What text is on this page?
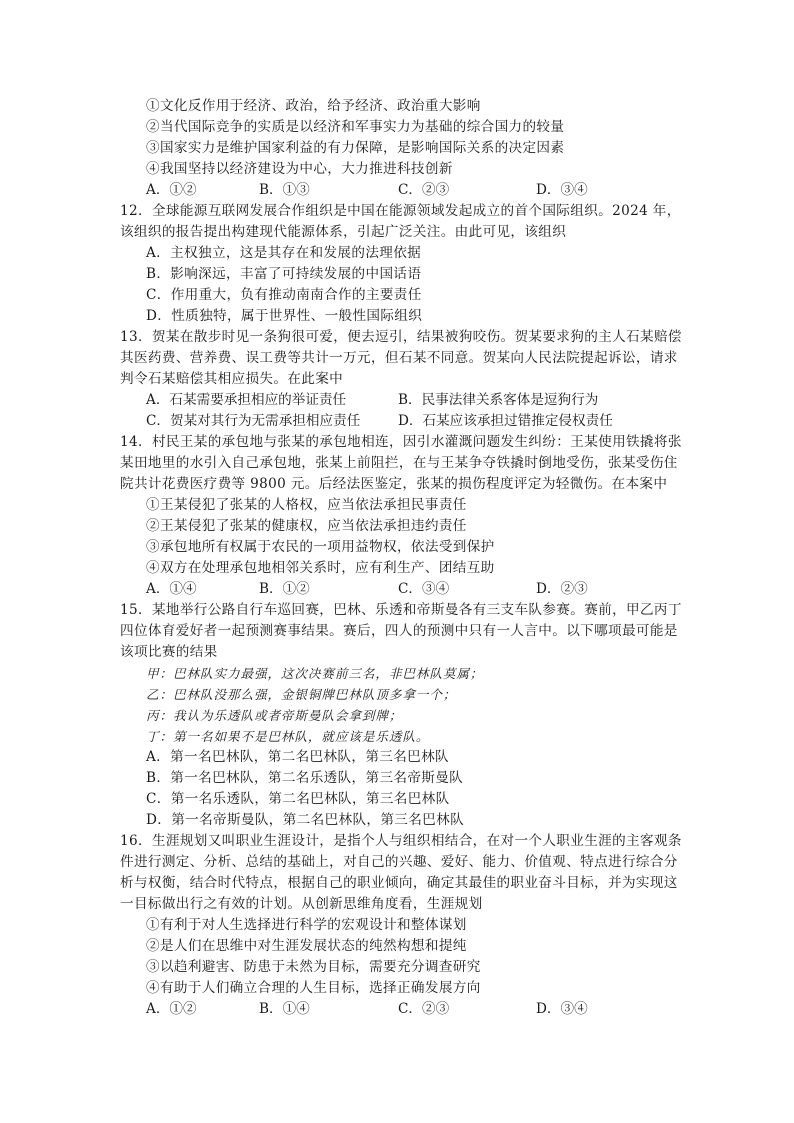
①文化反作用于经济、政治，给予经济、政治重大影响
②当代国际竞争的实质是以经济和军事实力为基础的综合国力的较量
③国家实力是维护国家利益的有力保障，是影响国际关系的决定因素
④我国坚持以经济建设为中心，大力推进科技创新
A．①②	B．①③	C．②③	D．③④
12．全球能源互联网发展合作组织是中国在能源领域发起成立的首个国际组织。2024 年，
该组织的报告提出构建现代能源体系，引起广泛关注。由此可见，该组织
A．主权独立，这是其存在和发展的法理依据
B．影响深远，丰富了可持续发展的中国话语
C．作用重大，负有推动南南合作的主要责任
D．性质独特，属于世界性、一般性国际组织
13．贺某在散步时见一条狗很可爱，便去逗引，结果被狗咬伤。贺某要求狗的主人石某赔偿
其医药费、营养费、误工费等共计一万元，但石某不同意。贺某向人民法院提起诉讼，请求
判令石某赔偿其相应损失。在此案中
A．石某需要承担相应的举证责任	B．民事法律关系客体是逗狗行为
C．贺某对其行为无需承担相应责任	D．石某应该承担过错推定侵权责任
14．村民王某的承包地与张某的承包地相连，因引水灌溉问题发生纠纷：王某使用铁撬将张
某田地里的水引入自己承包地，张某上前阻拦，在与王某争夺铁撬时倒地受伤，张某受伤住
院共计花费医疗费等 9800 元。后经法医鉴定，张某的损伤程度评定为轻微伤。在本案中
①王某侵犯了张某的人格权，应当依法承担民事责任
②王某侵犯了张某的健康权，应当依法承担违约责任
③承包地所有权属于农民的一项用益物权，依法受到保护
④双方在处理承包地相邻关系时，应有利生产、团结互助
A．①④	B．①②	C．③④	D．②③
15．某地举行公路自行车巡回赛，巴林、乐透和帝斯曼各有三支车队参赛。赛前，甲乙丙丁
四位体育爱好者一起预测赛事结果。赛后，四人的预测中只有一人言中。以下哪项最可能是
该项比赛的结果
甲：巴林队实力最强，这次决赛前三名，非巴林队莫属；
乙：巴林队没那么强，金银铜牌巴林队顶多拿一个；
丙：我认为乐透队或者帝斯曼队会拿到牌；
丁：第一名如果不是巴林队，就应该是乐透队。
A．第一名巴林队，第二名巴林队，第三名巴林队
B．第一名巴林队，第二名乐透队，第三名帝斯曼队
C．第一名乐透队，第二名巴林队，第三名巴林队
D．第一名帝斯曼队，第二名巴林队，第三名巴林队
16．生涯规划又叫职业生涯设计，是指个人与组织相结合，在对一个人职业生涯的主客观条
件进行测定、分析、总结的基础上，对自己的兴趣、爱好、能力、价值观、特点进行综合分
析与权衡，结合时代特点，根据自己的职业倾向，确定其最佳的职业奋斗目标，并为实现这
一目标做出行之有效的计划。从创新思维角度看，生涯规划
①有利于对人生选择进行科学的宏观设计和整体谋划
②是人们在思维中对生涯发展状态的纯然构想和提纯
③以趋利避害、防患于未然为目标，需要充分调查研究
④有助于人们确立合理的人生目标，选择正确发展方向
A．①②	B．①④	C．②③	D．③④
